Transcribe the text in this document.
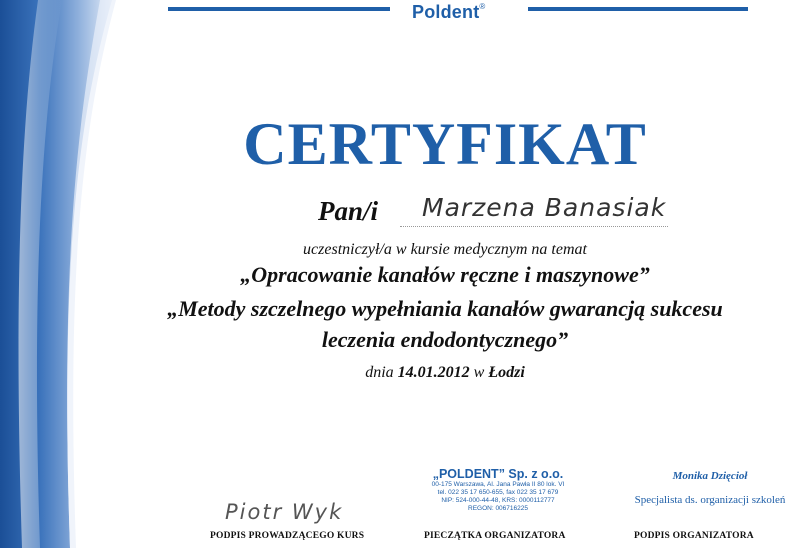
Poldent®
CERTYFIKAT
Pan/i Marzena Banasiak
uczestniczył/a w kursie medycznym na temat
„Opracowanie kanałów ręczne i maszynowe”
„Metody szczelnego wypełniania kanałów gwarancją sukcesu
leczenia endodontycznego”
dnia 14.01.2012 w Łodzi
„POLDENT” Sp. z o.o.
00-175 Warszawa, Al. Jana Pawła II 80 lok. VI
tel. 022 35 17 650-655, fax 022 35 17 679
NIP: 524-000-44-48, KRS: 0000112777
REGON: 006716225
Monika Dzięcioł
Specjalista ds. organizacji szkoleń
Piotr Wyk
PODPIS PROWADZĄCEGO KURS	PIECZĄTKA ORGANIZATORA	PODPIS ORGANIZATORA
